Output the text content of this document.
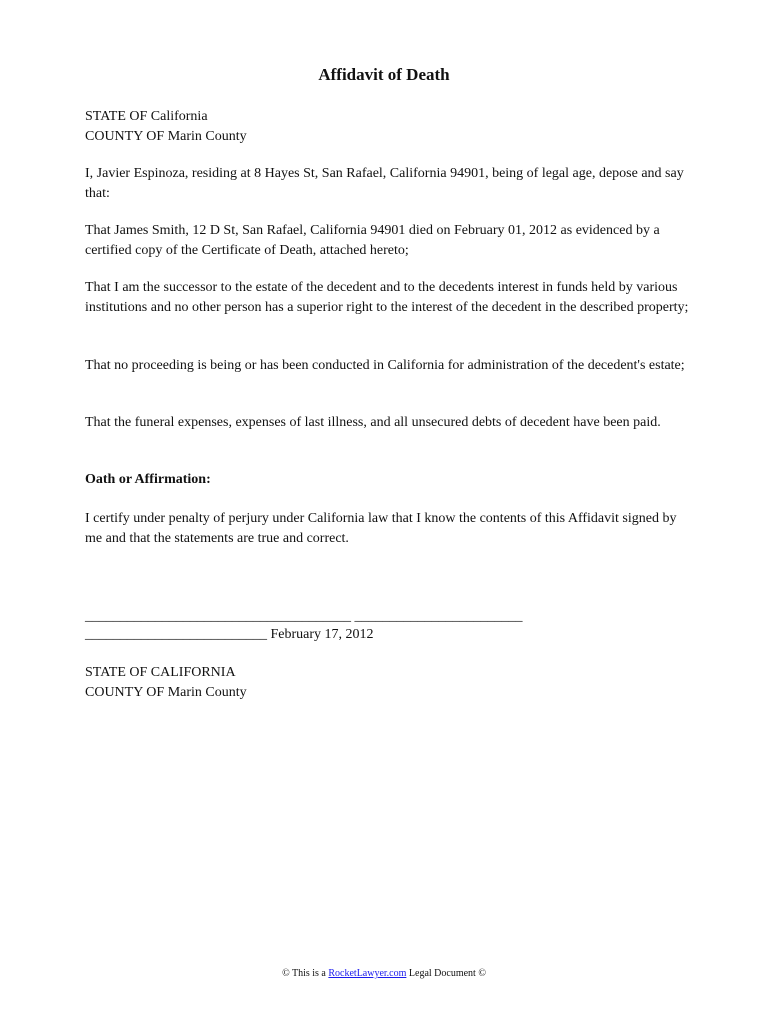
Affidavit of Death

STATE OF California

COUNTY OF Marin County

I, Javier Espinoza, residing at 8 Hayes St, San Rafael, California 94901, being of legal age, depose and say that:

That James Smith, 12 D St, San Rafael, California 94901 died on February 01, 2012 as evidenced by a certified copy of the Certificate of Death, attached hereto;

That I am the successor to the estate of the decedent and to the decedents interest in funds held by various institutions and no other person has a superior right to the interest of the decedent in the described property;

That no proceeding is being or has been conducted in California for administration of the decedent's estate;

That the funeral expenses, expenses of last illness, and all unsecured debts of decedent have been paid.

Oath or Affirmation:

I certify under penalty of perjury under California law that I know the contents of this Affidavit signed by me and that the statements are true and correct.

______________________________________ ________________________
__________________________ February 17, 2012

STATE OF CALIFORNIA

COUNTY OF Marin County

© This is a RocketLawyer.com Legal Document ©
